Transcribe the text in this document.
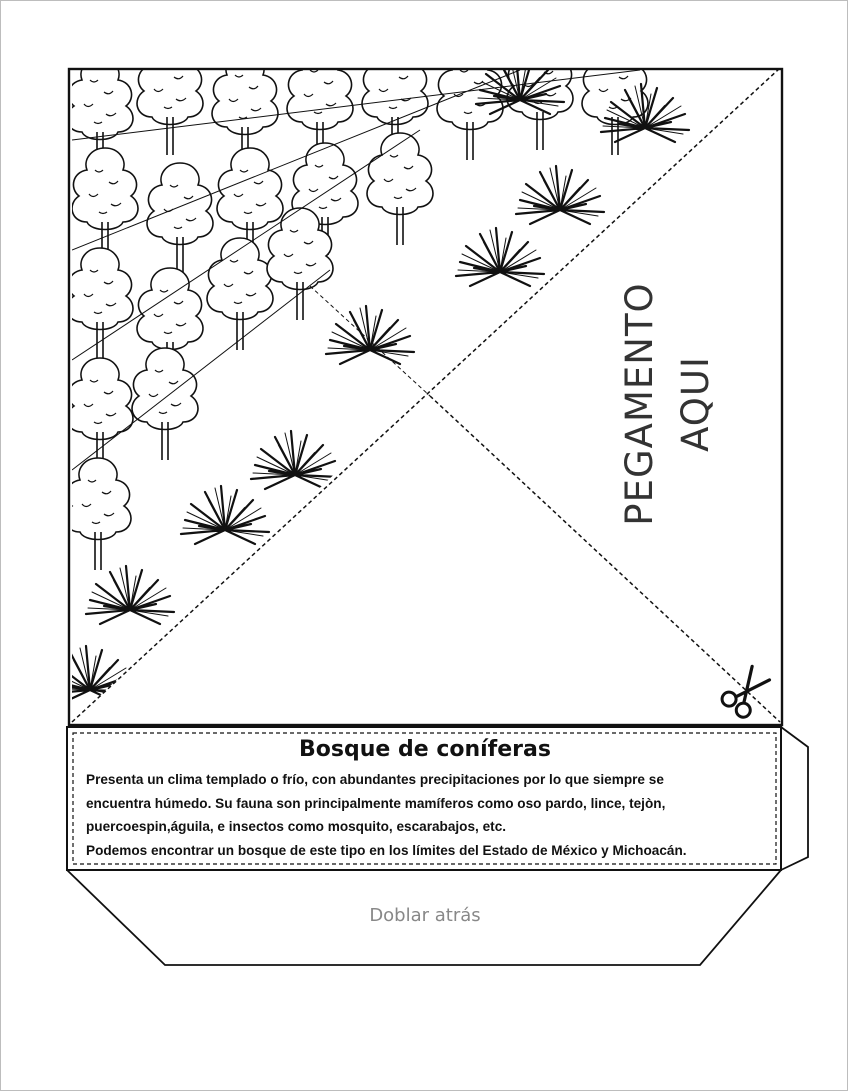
PEGAMENTO AQUI
Bosque de coníferas

Presenta un clima templado o frío, con abundantes precipitaciones por lo que siempre se

encuentra húmedo. Su fauna son principalmente mamíferos como oso pardo, lince, tejòn,

puercoespin,águila, e insectos como mosquito, escarabajos, etc.

Podemos encontrar un bosque de este tipo en los límites del Estado de México y Michoacán.

Doblar atrás
